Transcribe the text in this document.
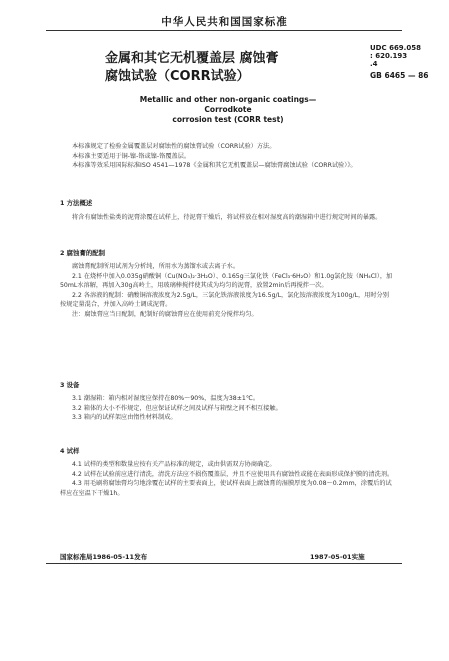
中华人民共和国国家标准
UDC 669.058
: 620.193
.4
GB 6465 — 86
金属和其它无机覆盖层 腐蚀膏
腐蚀试验（CORR试验）
Metallic and other non-organic coatings—Corrodkote
corrosion test (CORR test)

本标准规定了检验金属覆盖层对腐蚀性的腐蚀膏试验（CORR试验）方法。

本标准主要适用于铜-镍-铬或镍-铬覆盖层。

本标准等效采用国际标准ISO 4541—1978《金属和其它无机覆盖层—腐蚀膏腐蚀试验（CORR试验）》。

1 方法概述

将含有腐蚀性盐类的泥膏涂覆在试样上，待泥膏干燥后，将试样放在相对湿度高的潮湿箱中进行规定时间的暴露。

2 腐蚀膏的配制

腐蚀膏配制所用试剂为分析纯，所用水为蒸馏水或去离子水。

2.1 在烧杯中加入0.035g硝酸铜（Cu(NO₃)₂·3H₂O）、0.165g三氯化铁（FeCl₃·6H₂O）和1.0g氯化铵（NH₄Cl），加50mL水溶解，再加入30g高岭土，用玻璃棒搅拌使其成为均匀的泥膏，放置2min后再搅拌一次。

2.2 各溶液的配制：硝酸铜溶液浓度为2.5g/L，三氯化铁溶液浓度为16.5g/L，氯化铵溶液浓度为100g/L，用时分别按规定量混合，并加入高岭土调成泥膏。

注：腐蚀膏应当日配制，配制好的腐蚀膏应在使用前充分搅拌均匀。

3 设备

3.1 潮湿箱：箱内相对湿度应保持在80%～90%，温度为38±1℃。

3.2 箱体的大小不作规定，但应保证试样之间及试样与箱壁之间不相互接触。

3.3 箱内的试样架应由惰性材料制成。

4 试样

4.1 试样的类型和数量应按有关产品标准的规定，或由供需双方协商确定。

4.2 试样在试验前应进行清洗，清洗方法应不损伤覆盖层，并且不应使用具有腐蚀性或能在表面形成保护膜的清洗剂。

4.3 用毛刷将腐蚀膏均匀地涂覆在试样的主要表面上，使试样表面上腐蚀膏的湿膜厚度为0.08～0.2mm，涂覆后的试样应在室温下干燥1h。

国家标准局1986-05-11发布	1987-05-01实施
